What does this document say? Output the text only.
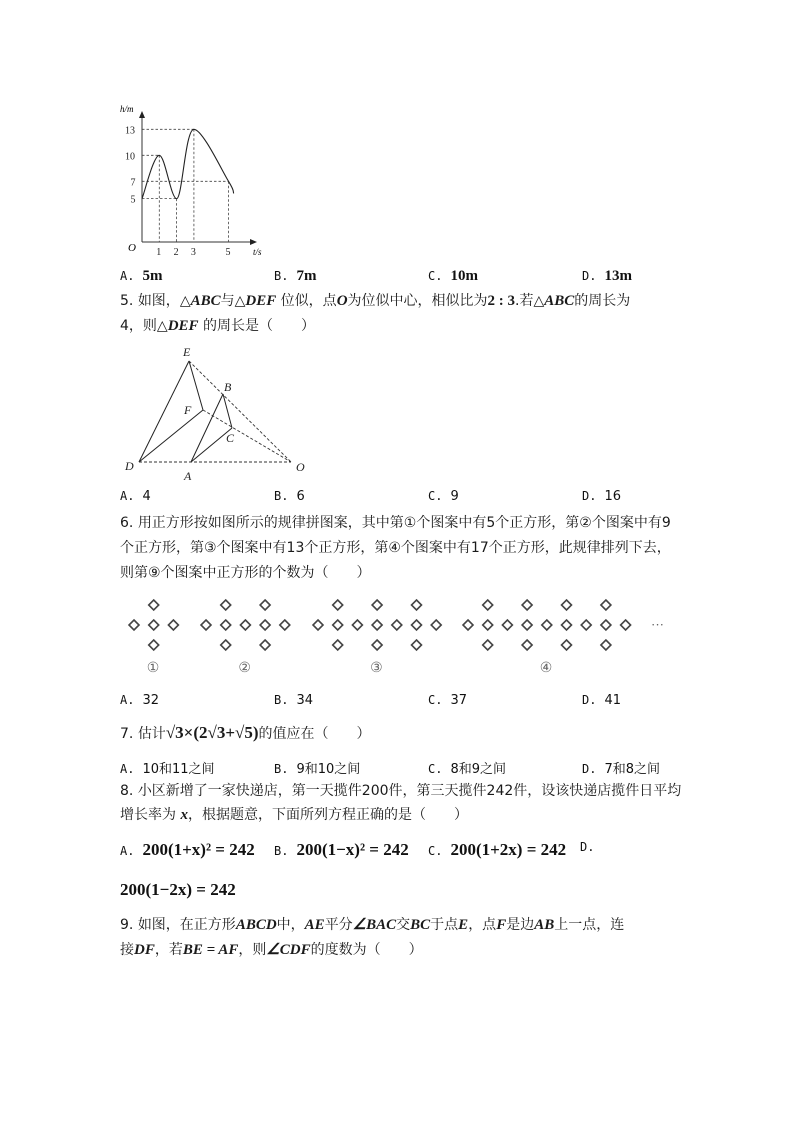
h/m
O	t/s
1 2 3	5
5
7
10
13
A. 5m	B. 7m	C. 10m	D. 13m
5. 如图，△ABC与△DEF 位似，点O为位似中心，相似比为2 : 3.若△ABC的周长为
4，则△DEF 的周长是（　　）
E
B
F
C
D
A
O
A. 4	B. 6	C. 9	D. 16
6. 用正方形按如图所示的规律拼图案，其中第①个图案中有5个正方形，第②个图案中有9
个正方形，第③个图案中有13个正方形，第④个图案中有17个正方形，此规律排列下去，
则第⑨个图案中正方形的个数为（　　）
①	②	③	④
···
A. 32	B. 34	C. 37	D. 41
7. 估计√3×(2√3+√5)的值应在（　　）
A. 10和11之间	B. 9和10之间	C. 8和9之间	D. 7和8之间
8. 小区新增了一家快递店，第一天揽件200件，第三天揽件242件，设该快递店揽件日平均
增长率为 x，根据题意，下面所列方程正确的是（　　）
A. 200(1+x)² = 242 B. 200(1−x)² = 242 C. 200(1+2x) = 242 D.
200(1−2x) = 242
9. 如图，在正方形ABCD中，AE平分∠BAC交BC于点E，点F是边AB上一点，连
接DF，若BE = AF，则∠CDF的度数为（　　）
